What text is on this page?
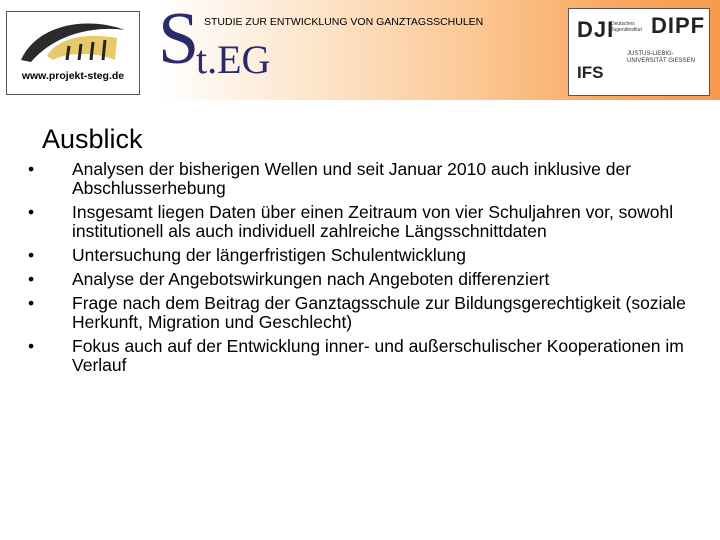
www.projekt-steg.de S
t.EG
STUDIE ZUR ENTWICKLUNG VON GANZTAGSSCHULEN	DJI
Deutsches Jugendinstitut DIPF
IFS
JUSTUS-LIEBIG-UNIVERSITÄT GIESSEN
Ausblick
• Analysen der bisherigen Wellen und seit Januar 2010 auch inklusive der Abschlusserhebung
• Insgesamt liegen Daten über einen Zeitraum von vier Schuljahren vor, sowohl institutionell als auch individuell zahlreiche Längsschnittdaten
• Untersuchung der längerfristigen Schulentwicklung
• Analyse der Angebotswirkungen nach Angeboten differenziert
• Frage nach dem Beitrag der Ganztagsschule zur Bildungsgerechtigkeit (soziale Herkunft, Migration und Geschlecht)
• Fokus auch auf der Entwicklung inner- und außerschulischer Kooperationen im Verlauf
